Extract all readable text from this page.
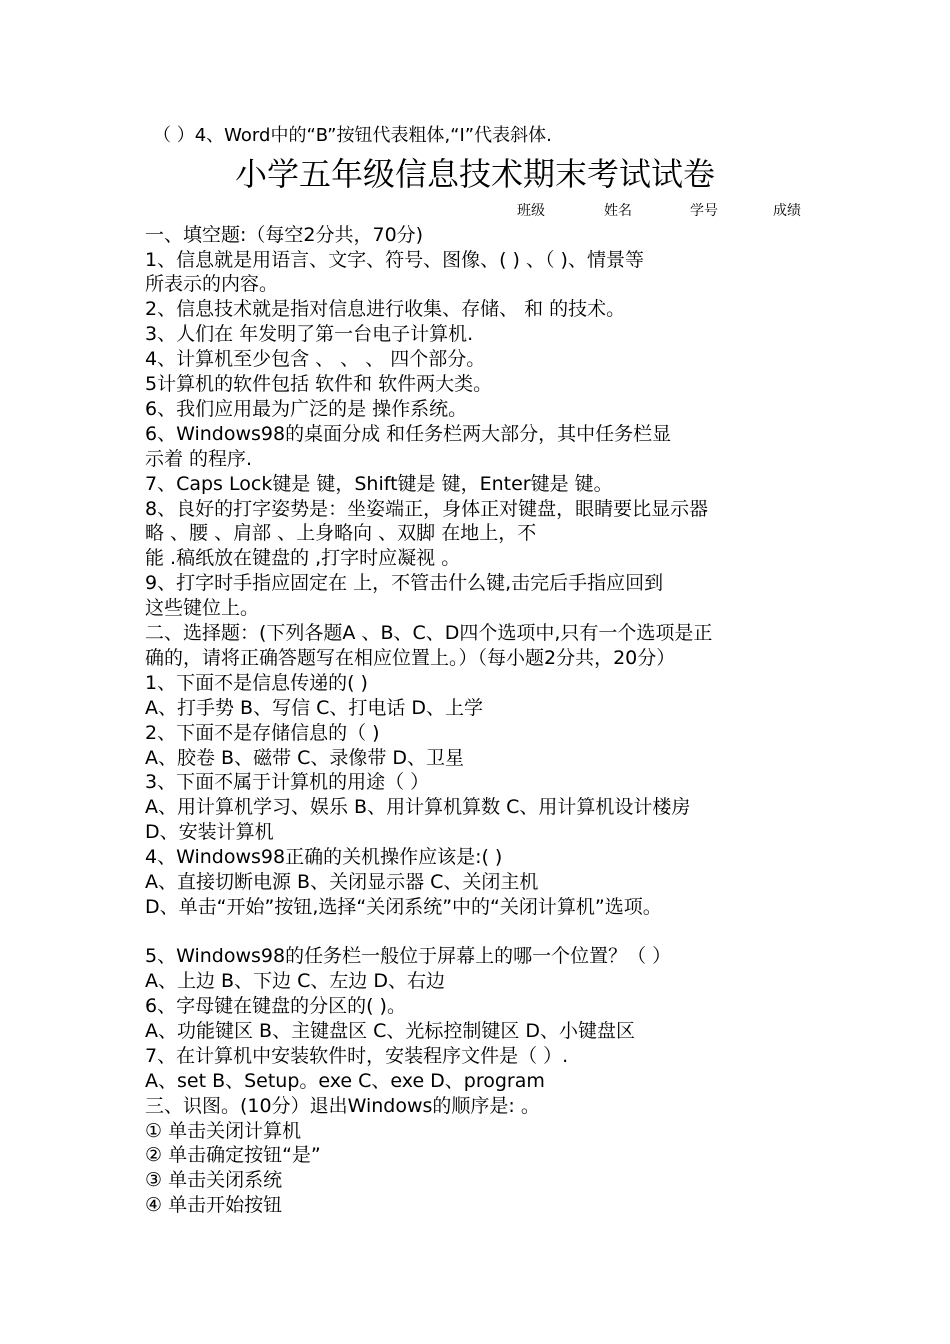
（ ）4、Word中的“B”按钮代表粗体,“I”代表斜体.
小学五年级信息技术期末考试试卷
班级	姓名	学号	成绩
一、填空题:（每空2分共，70分)
1、信息就是用语言、文字、符号、图像、( ) 、（ )、情景等
所表示的内容。
2、信息技术就是指对信息进行收集、存储、 和 的技术。
3、人们在 年发明了第一台电子计算机.
4、计算机至少包含 、 、 、 四个部分。
5计算机的软件包括 软件和 软件两大类。
6、我们应用最为广泛的是 操作系统。
6、Windows98的桌面分成 和任务栏两大部分，其中任务栏显
示着 的程序.
7、Caps Lock键是 键，Shift键是 键，Enter键是 键。
8、良好的打字姿势是：坐姿端正，身体正对键盘，眼睛要比显示器
略 、腰 、肩部 、上身略向 、双脚 在地上，不
能 .稿纸放在键盘的 ,打字时应凝视 。
9、打字时手指应固定在 上，不管击什么键,击完后手指应回到
这些键位上。
二、选择题：(下列各题A 、B、C、D四个选项中,只有一个选项是正
确的，请将正确答题写在相应位置上。）（每小题2分共，20分）
1、下面不是信息传递的( )
A、打手势 B、写信 C、打电话 D、上学
2、下面不是存储信息的（ )
A、胶卷 B、磁带 C、录像带 D、卫星
3、下面不属于计算机的用途（ ）
A、用计算机学习、娱乐 B、用计算机算数 C、用计算机设计楼房
D、安装计算机
4、Windows98正确的关机操作应该是:( )
A、直接切断电源 B、关闭显示器 C、关闭主机
D、单击“开始”按钮,选择“关闭系统”中的“关闭计算机”选项。
5、Windows98的任务栏一般位于屏幕上的哪一个位置？（ ）
A、上边 B、下边 C、左边 D、右边
6、字母键在键盘的分区的( )。
A、功能键区 B、主键盘区 C、光标控制键区 D、小键盘区
7、在计算机中安装软件时，安装程序文件是（ ）.
A、set B、Setup。exe C、exe D、program
三、识图。(10分）退出Windows的顺序是: 。
① 单击关闭计算机
② 单击确定按钮“是”
③ 单击关闭系统
④ 单击开始按钮
